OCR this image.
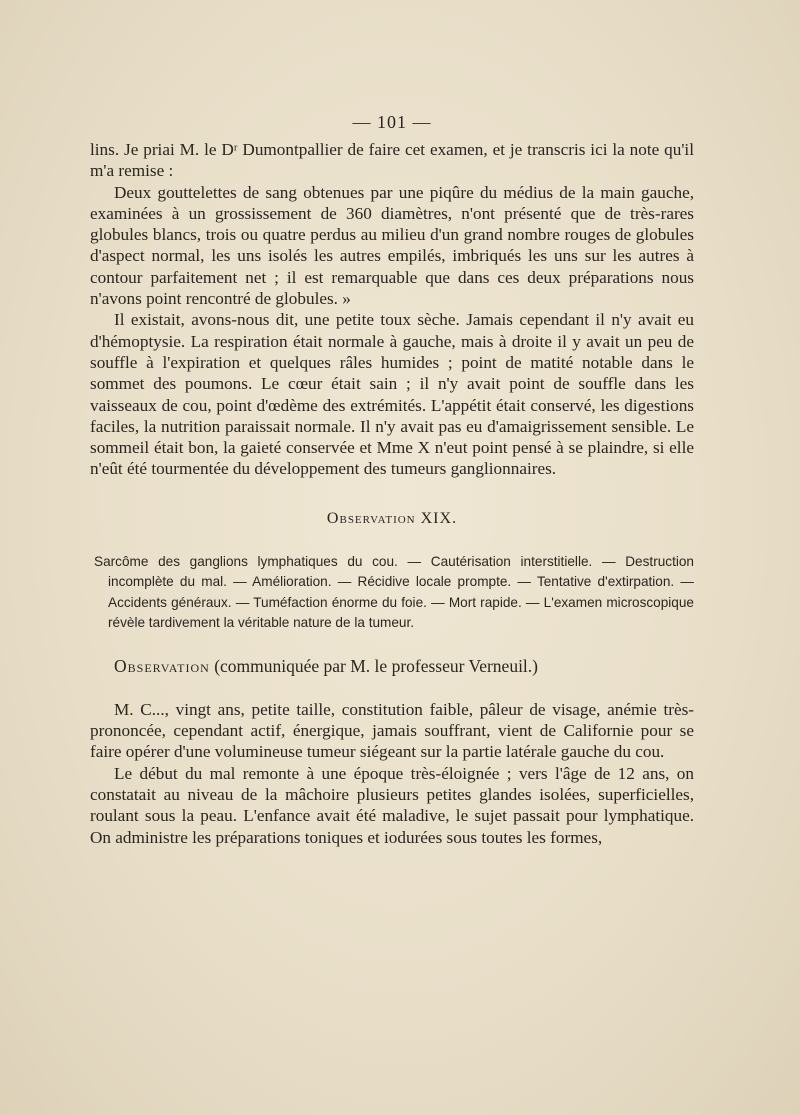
— 101 —

lins. Je priai M. le Dʳ Dumontpallier de faire cet examen, et je transcris ici la note qu'il m'a remise :

Deux gouttelettes de sang obtenues par une piqûre du médius de la main gauche, examinées à un grossissement de 360 diamètres, n'ont présenté que de très-rares globules blancs, trois ou quatre perdus au milieu d'un grand nombre rouges de globules d'aspect normal, les uns isolés les autres empilés, imbriqués les uns sur les autres à contour parfaitement net ; il est remarquable que dans ces deux préparations nous n'avons point rencontré de globules. »

Il existait, avons-nous dit, une petite toux sèche. Jamais cependant il n'y avait eu d'hémoptysie. La respiration était normale à gauche, mais à droite il y avait un peu de souffle à l'expiration et quelques râles humides ; point de matité notable dans le sommet des poumons. Le cœur était sain ; il n'y avait point de souffle dans les vaisseaux de cou, point d'œdème des extrémités. L'appétit était conservé, les digestions faciles, la nutrition paraissait normale. Il n'y avait pas eu d'amaigrissement sensible. Le sommeil était bon, la gaieté conservée et Mme X n'eut point pensé à se plaindre, si elle n'eût été tourmentée du développement des tumeurs ganglionnaires.

Observation XIX.

Sarcôme des ganglions lymphatiques du cou. — Cautérisation interstitielle. — Destruction incomplète du mal. — Amélioration. — Récidive locale prompte. — Tentative d'extirpation. — Accidents généraux. — Tuméfaction énorme du foie. — Mort rapide. — L'examen microscopique révèle tardivement la véritable nature de la tumeur.

Observation (communiquée par M. le professeur Verneuil.)

M. C..., vingt ans, petite taille, constitution faible, pâleur de visage, anémie très-prononcée, cependant actif, énergique, jamais souffrant, vient de Californie pour se faire opérer d'une volumineuse tumeur siégeant sur la partie latérale gauche du cou.

Le début du mal remonte à une époque très-éloignée ; vers l'âge de 12 ans, on constatait au niveau de la mâchoire plusieurs petites glandes isolées, superficielles, roulant sous la peau. L'enfance avait été maladive, le sujet passait pour lymphatique. On administre les préparations toniques et iodurées sous toutes les formes,
